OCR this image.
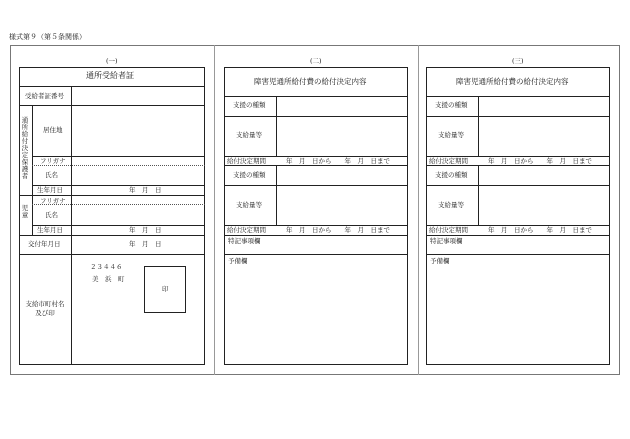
様式第９（第５条関係）
(一)
通所受給者証
受給者証番号
通
所
給
付
決
定
保
護
者
居住地
フリガナ
氏名
生年月日	年　月　日
児
童
フリガナ
氏名
生年月日	年　月　日
交付年月日	年　月　日
支給市町村名及び印
２３４４６
美　浜　町
印
(二)
障害児通所給付費の給付決定内容
支援の種類
支給量等
給付決定期間	年　月　日から　　年　月　日まで
支援の種類
支給量等
給付決定期間	年　月　日から　　年　月　日まで
特記事項欄
予備欄
(三)
障害児通所給付費の給付決定内容
支援の種類
支給量等
給付決定期間	年　月　日から　　年　月　日まで
支援の種類
支給量等
給付決定期間	年　月　日から　　年　月　日まで
特記事項欄
予備欄
